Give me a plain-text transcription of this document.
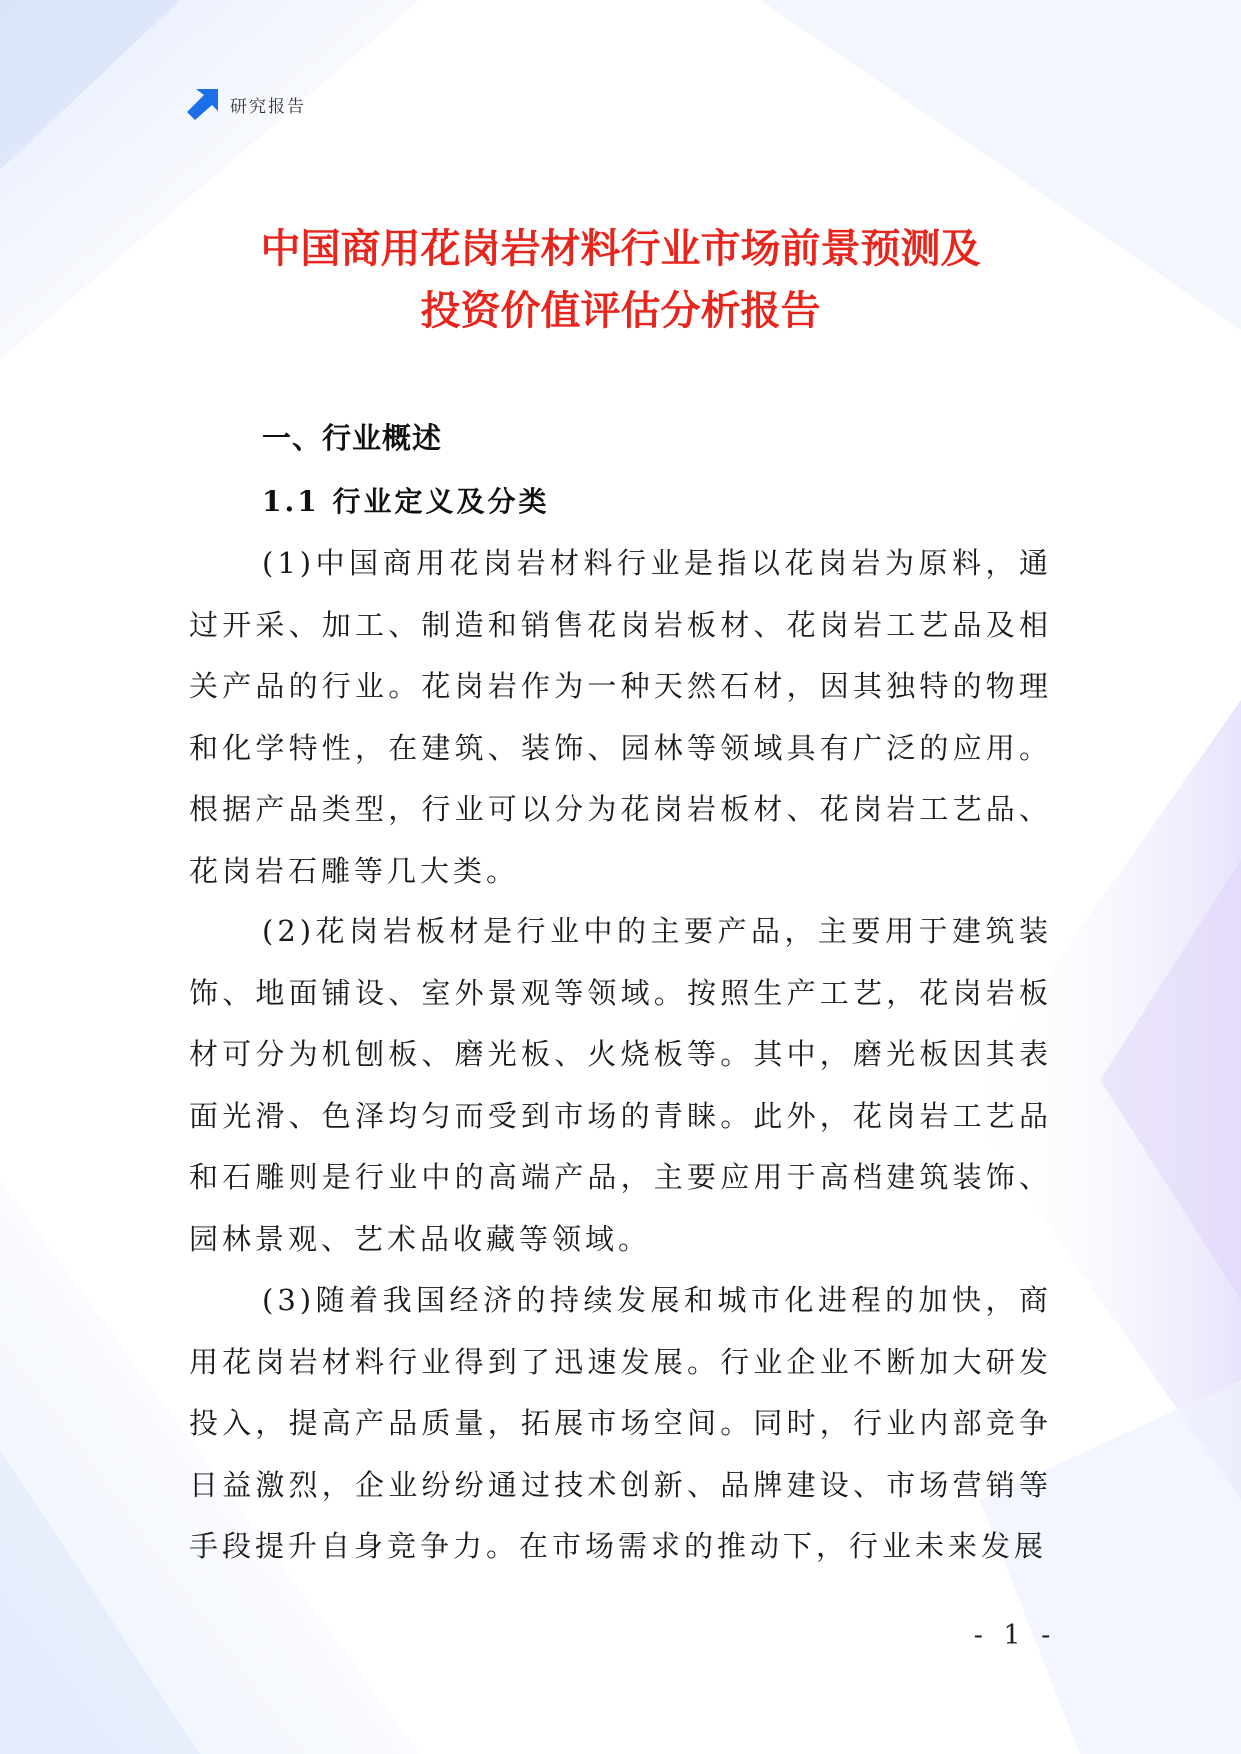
研究报告
中国商用花岗岩材料行业市场前景预测及
投资价值评估分析报告
一、行业概述
1.1 行业定义及分类

(1)中国商用花岗岩材料行业是指以花岗岩为原料，通过开采、加工、制造和销售花岗岩板材、花岗岩工艺品及相关产品的行业。花岗岩作为一种天然石材，因其独特的物理和化学特性，在建筑、装饰、园林等领域具有广泛的应用。根据产品类型，行业可以分为花岗岩板材、花岗岩工艺品、花岗岩石雕等几大类。

(2)花岗岩板材是行业中的主要产品，主要用于建筑装饰、地面铺设、室外景观等领域。按照生产工艺，花岗岩板材可分为机刨板、磨光板、火烧板等。其中，磨光板因其表面光滑、色泽均匀而受到市场的青睐。此外，花岗岩工艺品和石雕则是行业中的高端产品，主要应用于高档建筑装饰、园林景观、艺术品收藏等领域。

(3)随着我国经济的持续发展和城市化进程的加快，商用花岗岩材料行业得到了迅速发展。行业企业不断加大研发投入，提高产品质量，拓展市场空间。同时，行业内部竞争日益激烈，企业纷纷通过技术创新、品牌建设、市场营销等手段提升自身竞争力。在市场需求的推动下，行业未来发展

- 1 -
